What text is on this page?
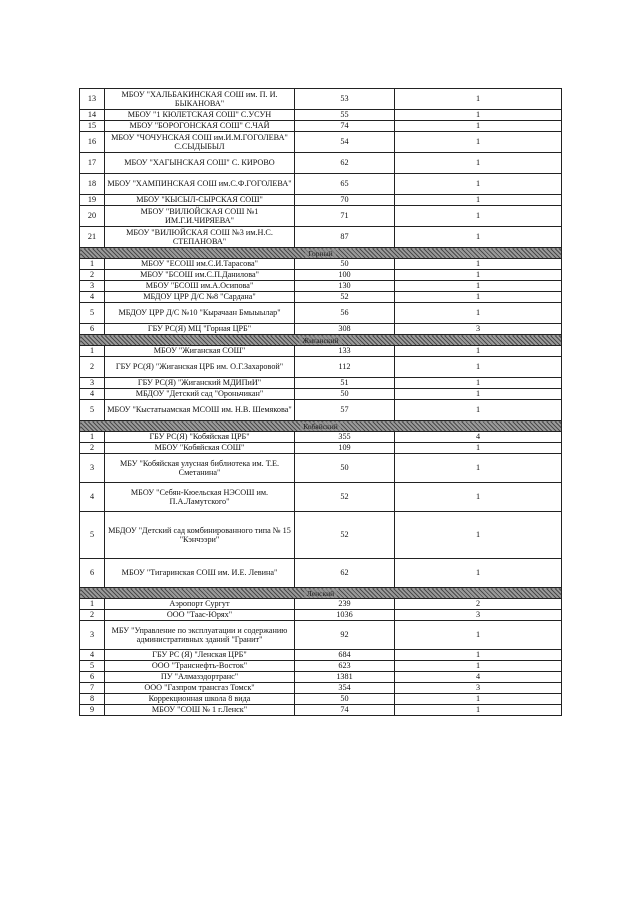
13	МБОУ "ХАЛЬБАКИНСКАЯ СОШ им. П. И. БЫКАНОВА"	53	1
14	МБОУ "1 КЮЛЕТСКАЯ СОШ" С.УСУН	55	1
15	МБОУ "БОРОГОНСКАЯ СОШ" С.ЧАЙ	74	1
16	МБОУ "ЧОЧУНСКАЯ СОШ им.И.М.ГОГОЛЕВА" С.СЫДЫБЫЛ	54	1
17	МБОУ "ХАГЫНСКАЯ СОШ" С. КИРОВО	62	1
18	МБОУ "ХАМПИНСКАЯ СОШ им.С.Ф.ГОГОЛЕВА"	65	1
19	МБОУ "КЫСЫЛ-СЫРСКАЯ СОШ"	70	1
20	МБОУ "ВИЛЮЙСКАЯ СОШ №1 ИМ.Г.И.ЧИРЯЕВА"	71	1
21	МБОУ "ВИЛЮЙСКАЯ СОШ №3 им.Н.С. СТЕПАНОВА"	87	1
Горный			
1	МБОУ "ЕСОШ им.С.И.Тарасова"	50	1
2	МБОУ "БСОШ им.С.П.Данилова"	100	1
3	МБОУ "БСОШ им.А.Осипова"	130	1
4	МБДОУ ЦРР Д/С №8 "Сардана"	52	1
5	МБДОУ ЦРР Д/С №10 "Кырачаан Бмыыылар"	56	1
6	ГБУ РС(Я) МЦ "Горная ЦРБ"	308	3
Жиганский			
1	МБОУ "Жиганская СОШ"	133	1
2	ГБУ РС(Я) "Жиганская ЦРБ им. О.Г.Захаровой"	112	1
3	ГБУ РС(Я) "Жиганский МДИПиИ"	51	1
4	МБДОУ "Детский сад "Ороньчикан"	50	1
5	МБОУ "Кыстатыамская МСОШ им. Н.В. Шемякова"	57	1
Кобяйский			
1	ГБУ РС(Я) "Кобяйская ЦРБ"	355	4
2	МБОУ "Кобяйская СОШ"	109	1
3	МБУ "Кобяйская улусная библиотека им. Т.Е. Сметанина"	50	1
4	МБОУ "Себян-Кюельская НЭСОШ им. П.А.Ламутского"	52	1
5	МБДОУ "Детский сад комбинированного типа № 15 "Кэнчээри"	52	1
6	МБОУ "Тигаринская СОШ им. И.Е. Левина"	62	1
Ленский			
1	Аэропорт Сургут	239	2
2	ООО "Таас-Юрях"	1036	3
3	МБУ "Управление по эксплуатации и содержанию административных зданий "Гранит"	92	1
4	ГБУ РС (Я) "Ленская ЦРБ"	684	1
5	ООО "Транснефть-Восток"	623	1
6	ПУ "Алмазэдортранс"	1381	4
7	ООО "Газпром трансгаз Томск"	354	3
8	Коррекционная школа 8 вида	50	1
9	МБОУ "СОШ № 1 г.Ленск"	74	1
